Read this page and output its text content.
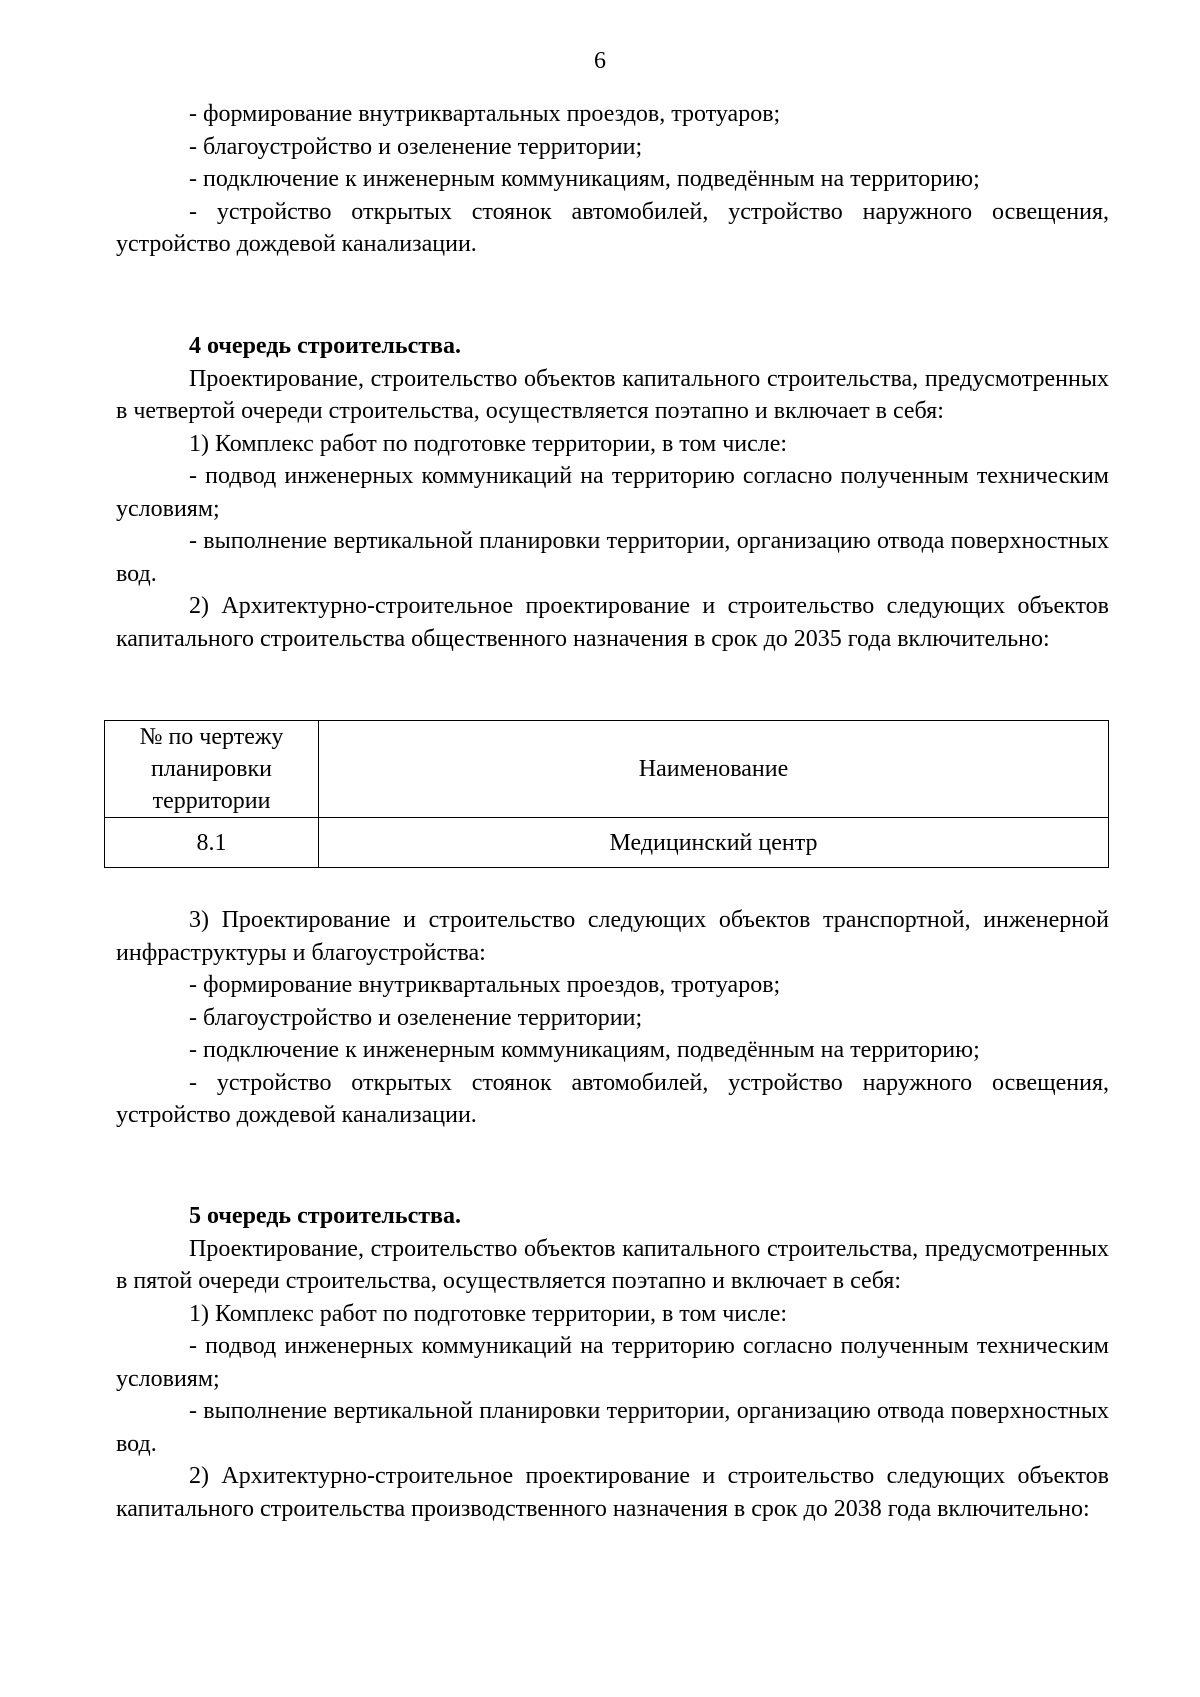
6

- формирование внутриквартальных проездов, тротуаров;

- благоустройство и озеленение территории;

- подключение к инженерным коммуникациям, подведённым на территорию;

- устройство открытых стоянок автомобилей, устройство наружного освещения, устройство дождевой канализации.

4 очередь строительства.

Проектирование, строительство объектов капитального строительства, предусмотренных в четвертой очереди строительства, осуществляется поэтапно и включает в себя:

1) Комплекс работ по подготовке территории, в том числе:

- подвод инженерных коммуникаций на территорию согласно полученным техническим условиям;

- выполнение вертикальной планировки территории, организацию отвода поверхностных вод.

2) Архитектурно-строительное проектирование и строительство следующих объектов капитального строительства общественного назначения в срок до 2035 года включительно:

№ по чертежу
планировки
территории	Наименование
8.1	Медицинский центр

3) Проектирование и строительство следующих объектов транспортной, инженерной инфраструктуры и благоустройства:

- формирование внутриквартальных проездов, тротуаров;

- благоустройство и озеленение территории;

- подключение к инженерным коммуникациям, подведённым на территорию;

- устройство открытых стоянок автомобилей, устройство наружного освещения, устройство дождевой канализации.

5 очередь строительства.

Проектирование, строительство объектов капитального строительства, предусмотренных в пятой очереди строительства, осуществляется поэтапно и включает в себя:

1) Комплекс работ по подготовке территории, в том числе:

- подвод инженерных коммуникаций на территорию согласно полученным техническим условиям;

- выполнение вертикальной планировки территории, организацию отвода поверхностных вод.

2) Архитектурно-строительное проектирование и строительство следующих объектов капитального строительства производственного назначения в срок до 2038 года включительно:
